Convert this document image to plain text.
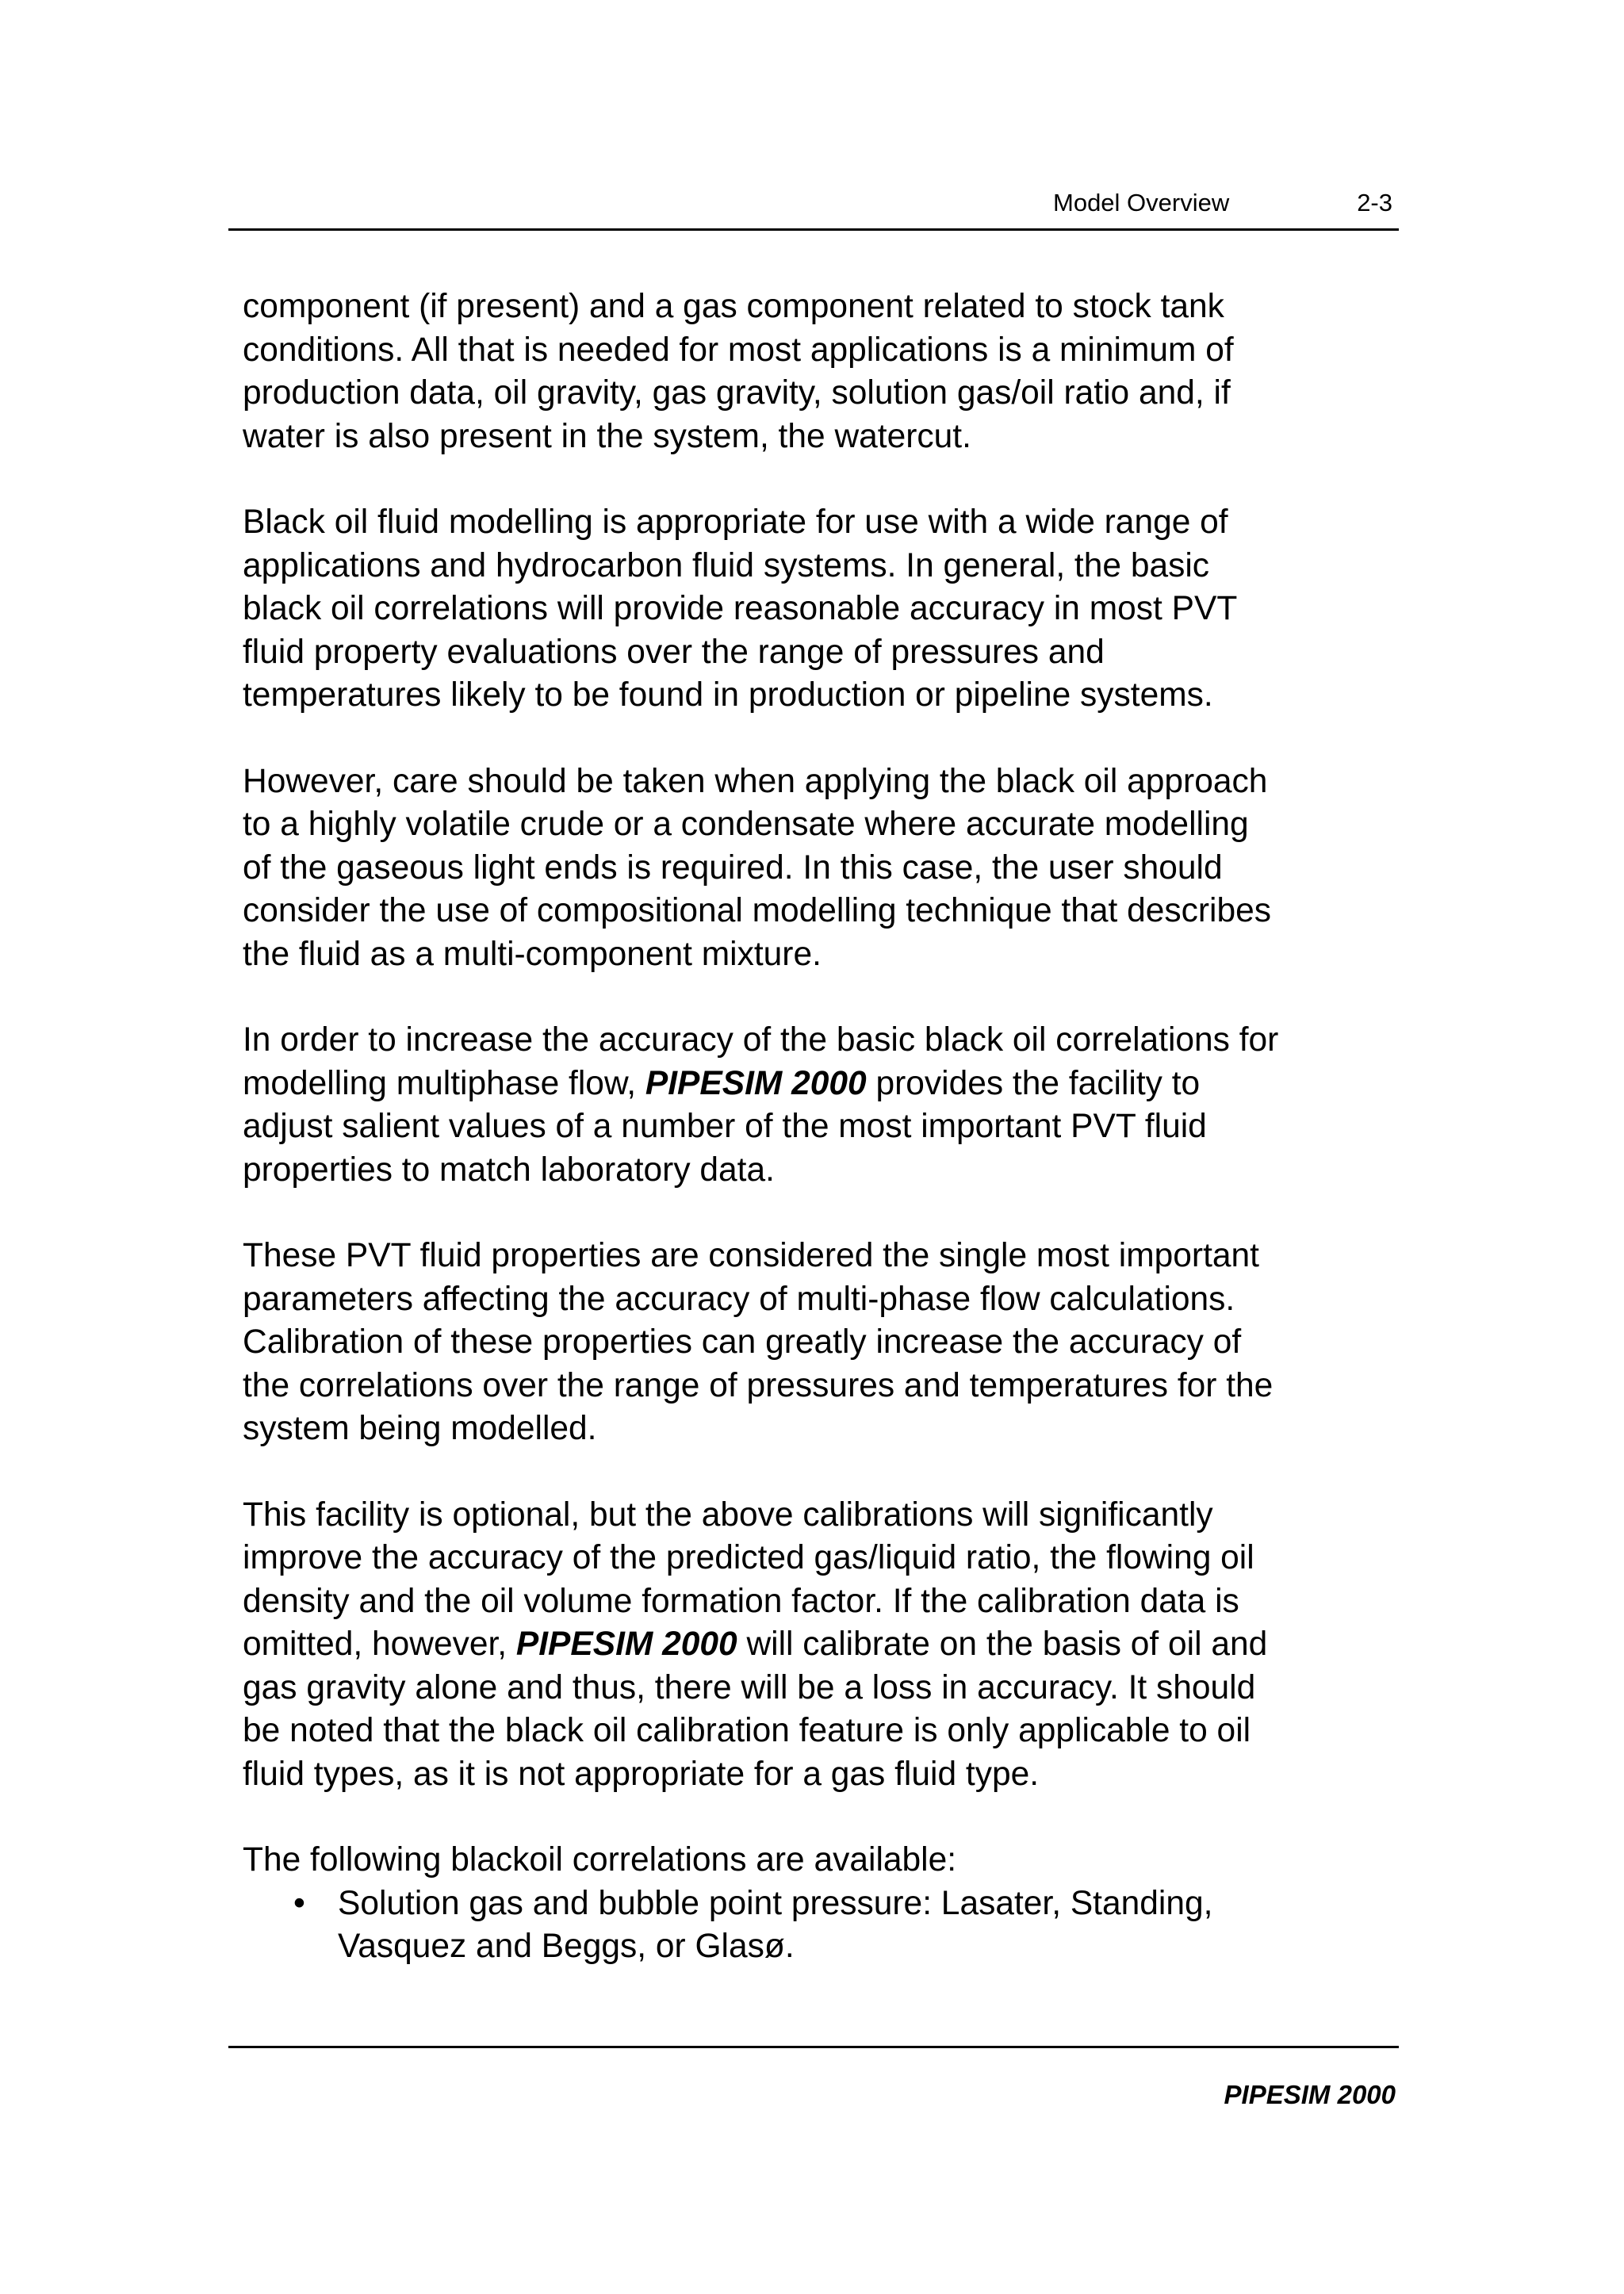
Model Overview	2-3

component (if present) and a gas component related to stock tank
conditions. All that is needed for most applications is a minimum of
production data, oil gravity, gas gravity, solution gas/oil ratio and, if
water is also present in the system, the watercut.

Black oil fluid modelling is appropriate for use with a wide range of
applications and hydrocarbon fluid systems. In general, the basic
black oil correlations will provide reasonable accuracy in most PVT
fluid property evaluations over the range of pressures and
temperatures likely to be found in production or pipeline systems.

However, care should be taken when applying the black oil approach
to a highly volatile crude or a condensate where accurate modelling
of the gaseous light ends is required. In this case, the user should
consider the use of compositional modelling technique that describes
the fluid as a multi-component mixture.

In order to increase the accuracy of the basic black oil correlations for
modelling multiphase flow, PIPESIM 2000 provides the facility to
adjust salient values of a number of the most important PVT fluid
properties to match laboratory data.

These PVT fluid properties are considered the single most important
parameters affecting the accuracy of multi-phase flow calculations.
Calibration of these properties can greatly increase the accuracy of
the correlations over the range of pressures and temperatures for the
system being modelled.

This facility is optional, but the above calibrations will significantly
improve the accuracy of the predicted gas/liquid ratio, the flowing oil
density and the oil volume formation factor. If the calibration data is
omitted, however, PIPESIM 2000 will calibrate on the basis of oil and
gas gravity alone and thus, there will be a loss in accuracy. It should
be noted that the black oil calibration feature is only applicable to oil
fluid types, as it is not appropriate for a gas fluid type.

The following blackoil correlations are available:

• Solution gas and bubble point pressure: Lasater, Standing,
Vasquez and Beggs, or Glasø.
PIPESIM 2000
